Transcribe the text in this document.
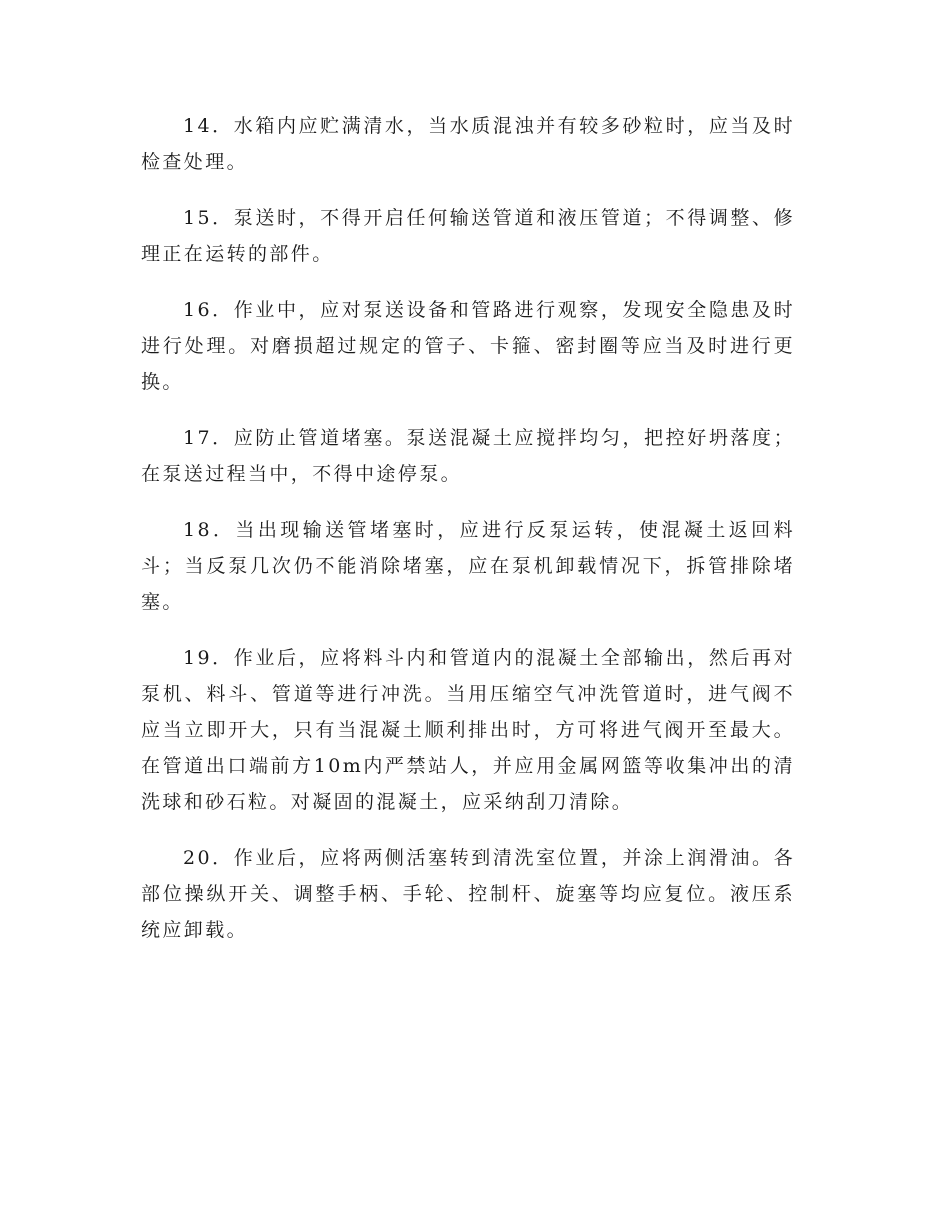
14．水箱内应贮满清水，当水质混浊并有较多砂粒时，应当及时检查处理。

15．泵送时，不得开启任何输送管道和液压管道；不得调整、修理正在运转的部件。

16．作业中，应对泵送设备和管路进行观察，发现安全隐患及时进行处理。对磨损超过规定的管子、卡箍、密封圈等应当及时进行更换。

17．应防止管道堵塞。泵送混凝土应搅拌均匀，把控好坍落度；在泵送过程当中，不得中途停泵。

18．当出现输送管堵塞时，应进行反泵运转，使混凝土返回料斗；当反泵几次仍不能消除堵塞，应在泵机卸载情况下，拆管排除堵塞。

19．作业后，应将料斗内和管道内的混凝土全部输出，然后再对泵机、料斗、管道等进行冲洗。当用压缩空气冲洗管道时，进气阀不应当立即开大，只有当混凝土顺利排出时，方可将进气阀开至最大。在管道出口端前方10m内严禁站人，并应用金属网篮等收集冲出的清洗球和砂石粒。对凝固的混凝土，应采纳刮刀清除。

20．作业后，应将两侧活塞转到清洗室位置，并涂上润滑油。各部位操纵开关、调整手柄、手轮、控制杆、旋塞等均应复位。液压系统应卸载。
